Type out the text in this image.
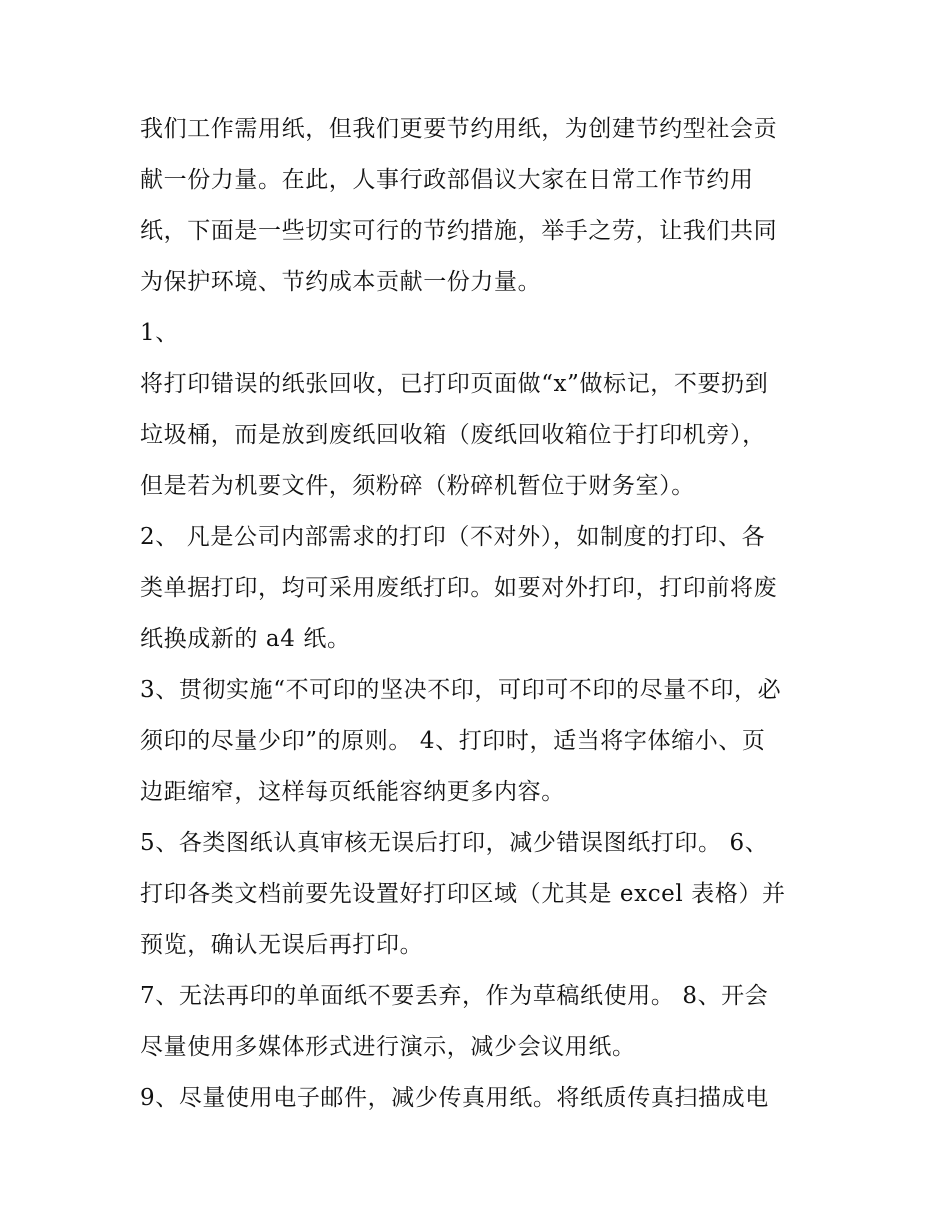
我们工作需用纸，但我们更要节约用纸，为创建节约型社会贡

献一份力量。在此，人事行政部倡议大家在日常工作节约用

纸，下面是一些切实可行的节约措施，举手之劳，让我们共同

为保护环境、节约成本贡献一份力量。

1、

将打印错误的纸张回收，已打印页面做“x”做标记，不要扔到

垃圾桶，而是放到废纸回收箱（废纸回收箱位于打印机旁），

但是若为机要文件，须粉碎（粉碎机暂位于财务室）。

2、 凡是公司内部需求的打印（不对外），如制度的打印、各

类单据打印，均可采用废纸打印。如要对外打印，打印前将废

纸换成新的 a4 纸。

3、贯彻实施“不可印的坚决不印，可印可不印的尽量不印，必

须印的尽量少印”的原则。 4、打印时，适当将字体缩小、页

边距缩窄，这样每页纸能容纳更多内容。

5、各类图纸认真审核无误后打印，减少错误图纸打印。 6、

打印各类文档前要先设置好打印区域（尤其是 excel 表格）并

预览，确认无误后再打印。

7、无法再印的单面纸不要丢弃，作为草稿纸使用。 8、开会

尽量使用多媒体形式进行演示，减少会议用纸。

9、尽量使用电子邮件，减少传真用纸。将纸质传真扫描成电
